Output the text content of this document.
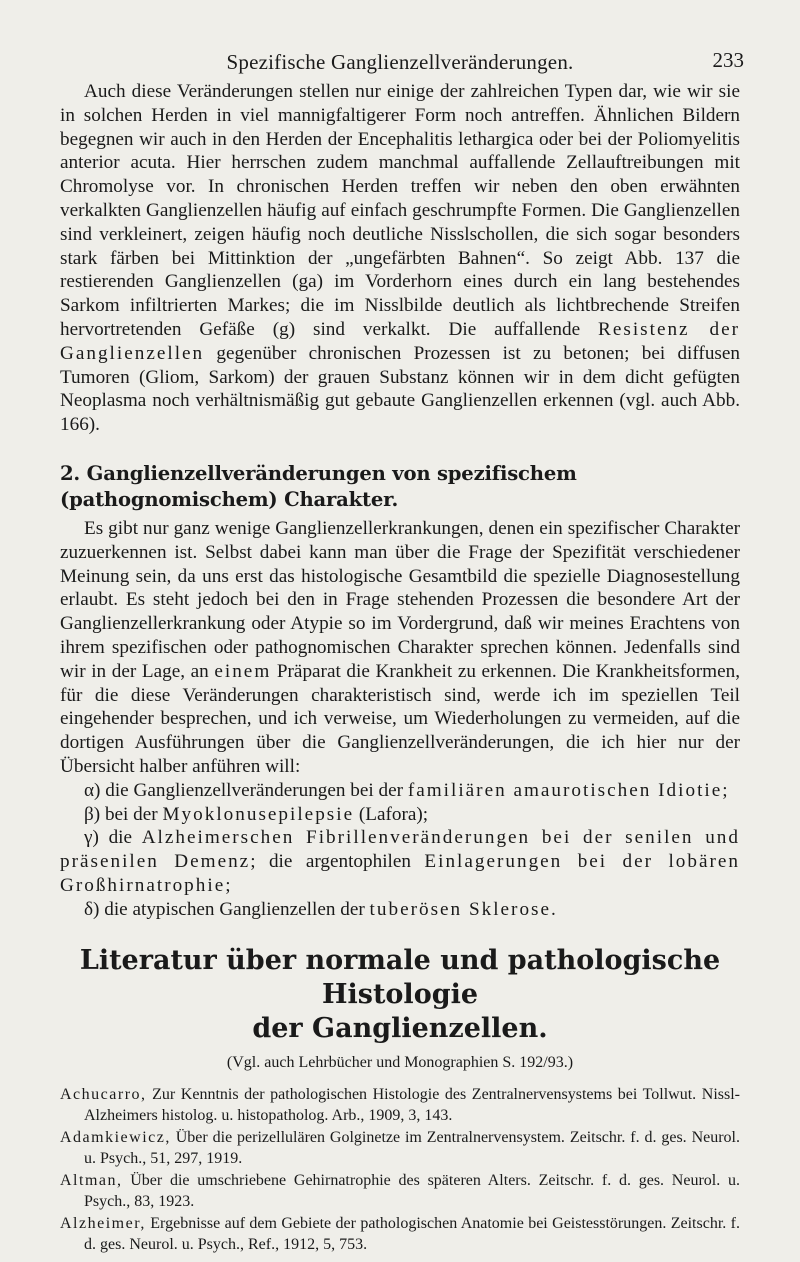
Spezifische Ganglienzellveränderungen.	233

Auch diese Veränderungen stellen nur einige der zahlreichen Typen dar, wie wir sie in solchen Herden in viel mannigfaltigerer Form noch antreffen. Ähnlichen Bildern begegnen wir auch in den Herden der Encephalitis lethargica oder bei der Poliomyelitis anterior acuta. Hier herrschen zudem manchmal auffallende Zellauftreibungen mit Chromolyse vor. In chronischen Herden treffen wir neben den oben erwähnten verkalkten Ganglienzellen häufig auf einfach geschrumpfte Formen. Die Ganglienzellen sind verkleinert, zeigen häufig noch deutliche Nisslschollen, die sich sogar besonders stark färben bei Mittinktion der „ungefärbten Bahnen“. So zeigt Abb. 137 die restierenden Ganglienzellen (ga) im Vorderhorn eines durch ein lang bestehendes Sarkom infiltrierten Markes; die im Nisslbilde deutlich als lichtbrechende Streifen hervortretenden Gefäße (g) sind verkalkt. Die auffallende Resistenz der Ganglienzellen gegenüber chronischen Prozessen ist zu betonen; bei diffusen Tumoren (Gliom, Sarkom) der grauen Substanz können wir in dem dicht gefügten Neoplasma noch verhältnismäßig gut gebaute Ganglienzellen erkennen (vgl. auch Abb. 166).

2. Ganglienzellveränderungen von spezifischem (pathognomischem) Charakter.

Es gibt nur ganz wenige Ganglienzellerkrankungen, denen ein spezifischer Charakter zuzuerkennen ist. Selbst dabei kann man über die Frage der Spezifität verschiedener Meinung sein, da uns erst das histologische Gesamtbild die spezielle Diagnosestellung erlaubt. Es steht jedoch bei den in Frage stehenden Prozessen die besondere Art der Ganglienzellerkrankung oder Atypie so im Vordergrund, daß wir meines Erachtens von ihrem spezifischen oder pathognomischen Charakter sprechen können. Jedenfalls sind wir in der Lage, an einem Präparat die Krankheit zu erkennen. Die Krankheitsformen, für die diese Veränderungen charakteristisch sind, werde ich im speziellen Teil eingehender besprechen, und ich verweise, um Wiederholungen zu vermeiden, auf die dortigen Ausführungen über die Ganglienzellveränderungen, die ich hier nur der Übersicht halber anführen will:

α) die Ganglienzellveränderungen bei der familiären amaurotischen Idiotie;

β) bei der Myoklonusepilepsie (Lafora);

γ) die Alzheimerschen Fibrillenveränderungen bei der senilen und präsenilen Demenz; die argentophilen Einlagerungen bei der lobären Großhirnatrophie;

δ) die atypischen Ganglienzellen der tuberösen Sklerose.

Literatur über normale und pathologische Histologie
der Ganglienzellen.
(Vgl. auch Lehrbücher und Monographien S. 192/93.)

Achucarro, Zur Kenntnis der pathologischen Histologie des Zentralnervensystems bei Tollwut. Nissl-Alzheimers histolog. u. histopatholog. Arb., 1909, 3, 143.

Adamkiewicz, Über die perizellulären Golginetze im Zentralnervensystem. Zeitschr. f. d. ges. Neurol. u. Psych., 51, 297, 1919.

Altman, Über die umschriebene Gehirnatrophie des späteren Alters. Zeitschr. f. d. ges. Neurol. u. Psych., 83, 1923.

Alzheimer, Ergebnisse auf dem Gebiete der pathologischen Anatomie bei Geistesstörungen. Zeitschr. f. d. ges. Neurol. u. Psych., Ref., 1912, 5, 753.
